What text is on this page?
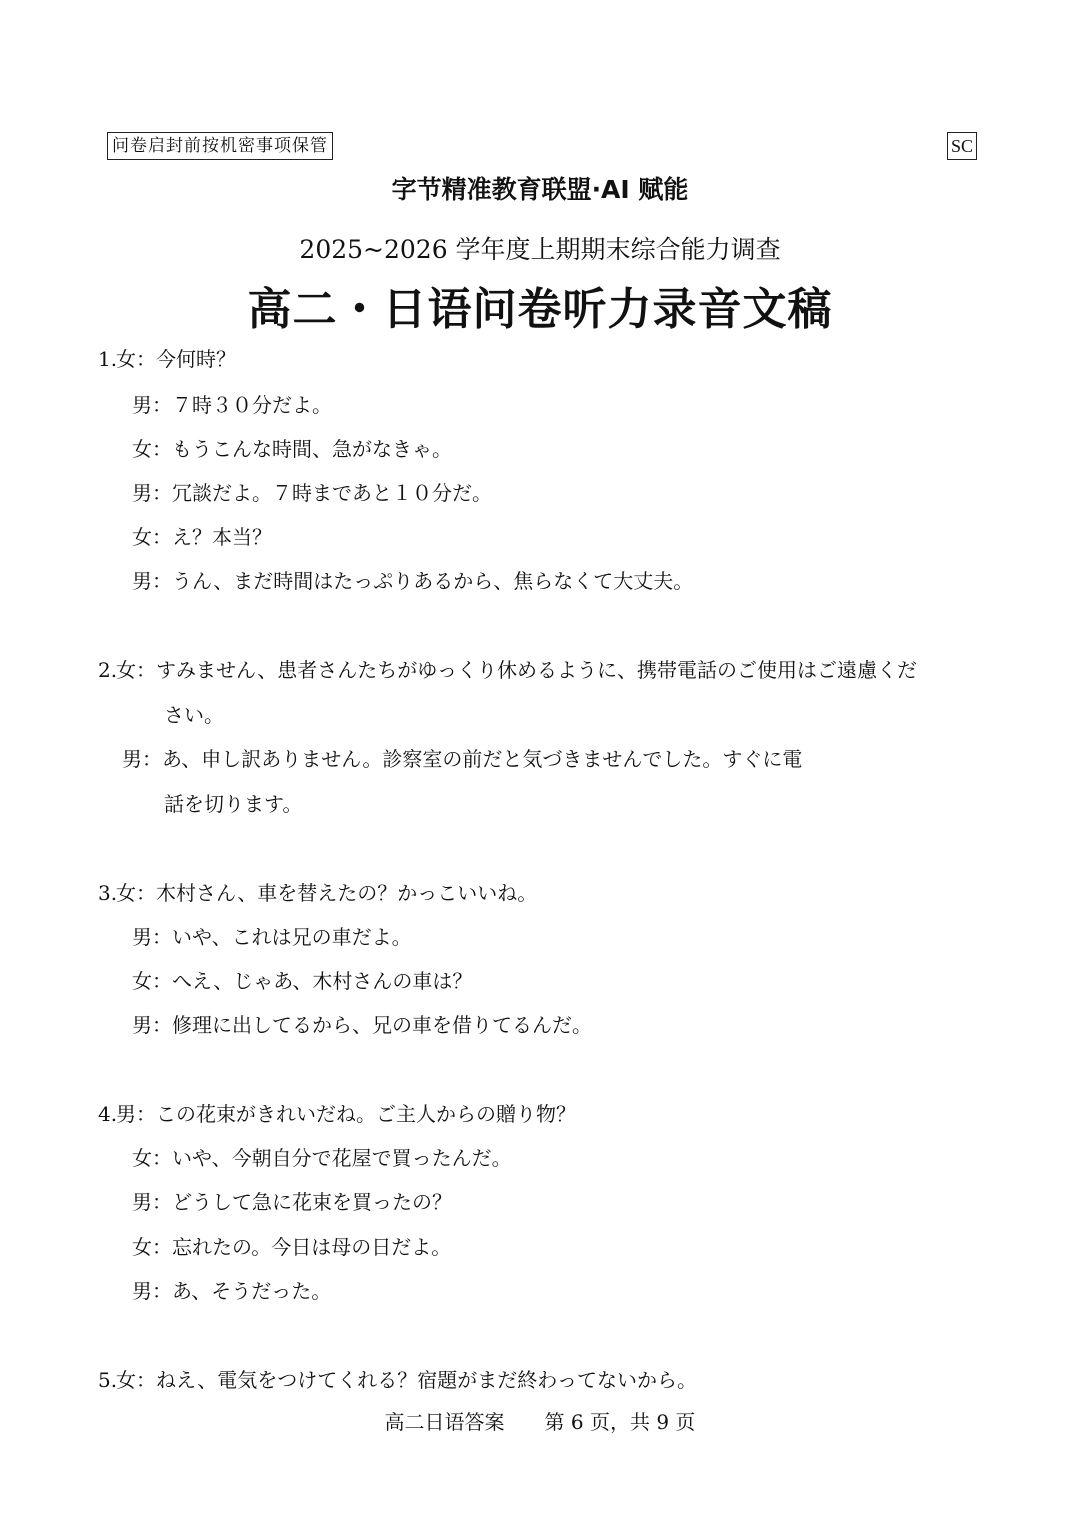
问卷启封前按机密事项保管	SC
字节精准教育联盟·AI 赋能
2025~2026 学年度上期期末综合能力调查
高二・日语问卷听力录音文稿
1.女：今何時？
男：７時３０分だよ。
女：もうこんな時間、急がなきゃ。
男：冗談だよ。７時まであと１０分だ。
女：え？本当？
男：うん、まだ時間はたっぷりあるから、焦らなくて大丈夫。
2.女：すみません、患者さんたちがゆっくり休めるように、携帯電話のご使用はご遠慮くだ
さい。
男：あ、申し訳ありません。診察室の前だと気づきませんでした。すぐに電
話を切ります。
3.女：木村さん、車を替えたの？かっこいいね。
男：いや、これは兄の車だよ。
女：へえ、じゃあ、木村さんの車は？
男：修理に出してるから、兄の車を借りてるんだ。
4.男：この花束がきれいだね。ご主人からの贈り物？
女：いや、今朝自分で花屋で買ったんだ。
男：どうして急に花束を買ったの？
女：忘れたの。今日は母の日だよ。
男：あ、そうだった。
5.女：ねえ、電気をつけてくれる？宿題がまだ終わってないから。
高二日语答案 第 6 页，共 9 页
